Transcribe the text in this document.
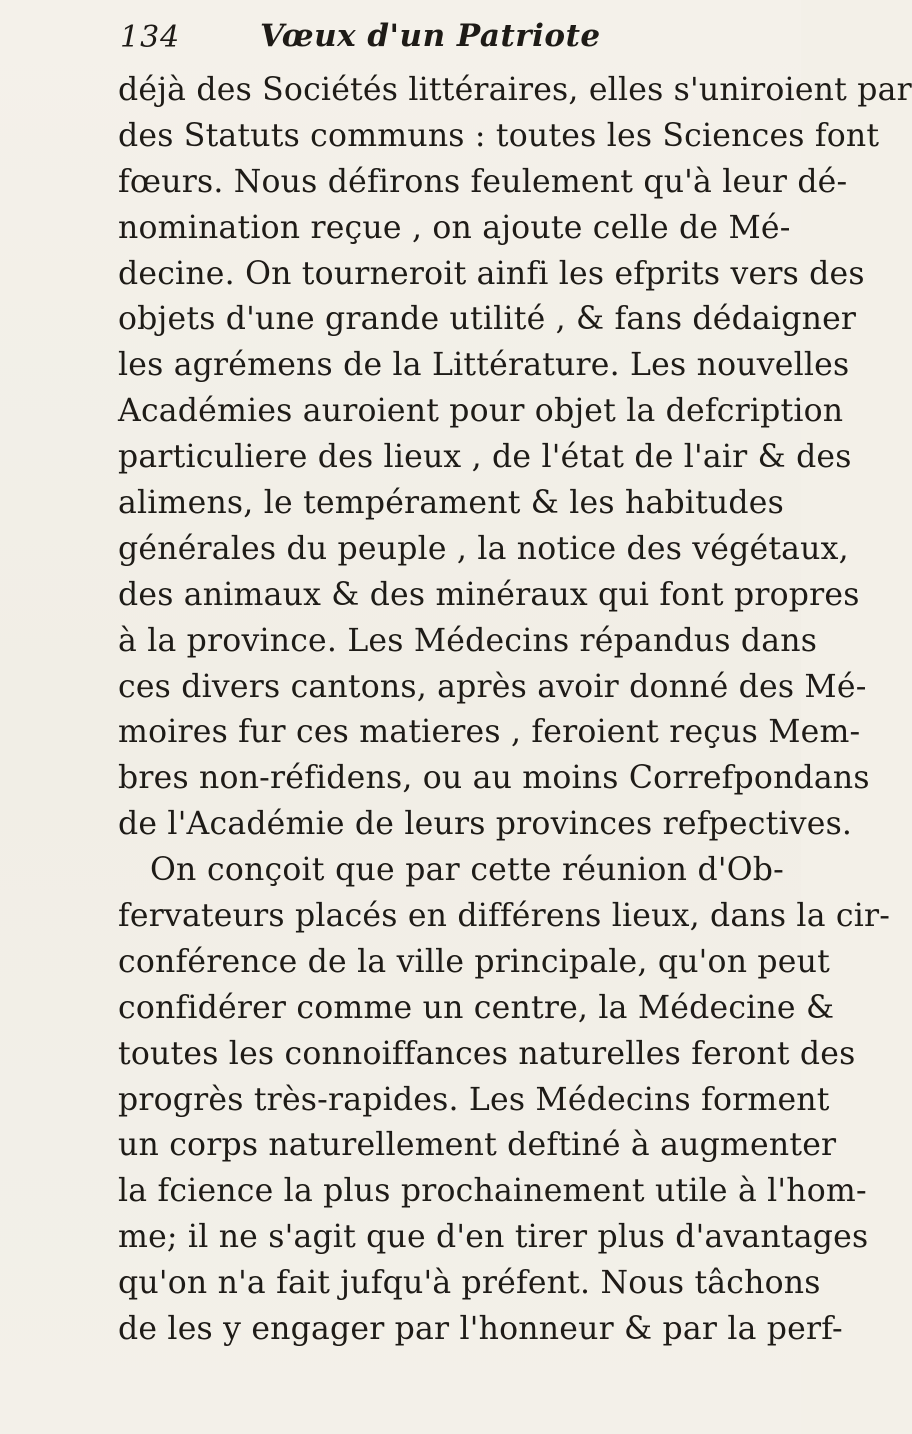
134	Vœux d'un Patriote
déjà des Sociétés littéraires, elles s'uniroient par
des Statuts communs : toutes les Sciences font
fœurs. Nous défirons feulement qu'à leur dé-
nomination reçue , on ajoute celle de Mé-
decine. On tourneroit ainfi les efprits vers des
objets d'une grande utilité , & fans dédaigner
les agrémens de la Littérature. Les nouvelles
Académies auroient pour objet la defcription
particuliere des lieux , de l'état de l'air & des
alimens, le tempérament & les habitudes
générales du peuple , la notice des végétaux,
des animaux & des minéraux qui font propres
à la province. Les Médecins répandus dans
ces divers cantons, après avoir donné des Mé-
moires fur ces matieres , feroient reçus Mem-
bres non-réfidens, ou au moins Correfpondans
de l'Académie de leurs provinces refpectives.
On conçoit que par cette réunion d'Ob-
fervateurs placés en différens lieux, dans la cir-
conférence de la ville principale, qu'on peut
confidérer comme un centre, la Médecine &
toutes les connoiffances naturelles feront des
progrès très-rapides. Les Médecins forment
un corps naturellement deftiné à augmenter
la fcience la plus prochainement utile à l'hom-
me; il ne s'agit que d'en tirer plus d'avantages
qu'on n'a fait jufqu'à préfent. Nous tâchons
de les y engager par l'honneur & par la perf-
